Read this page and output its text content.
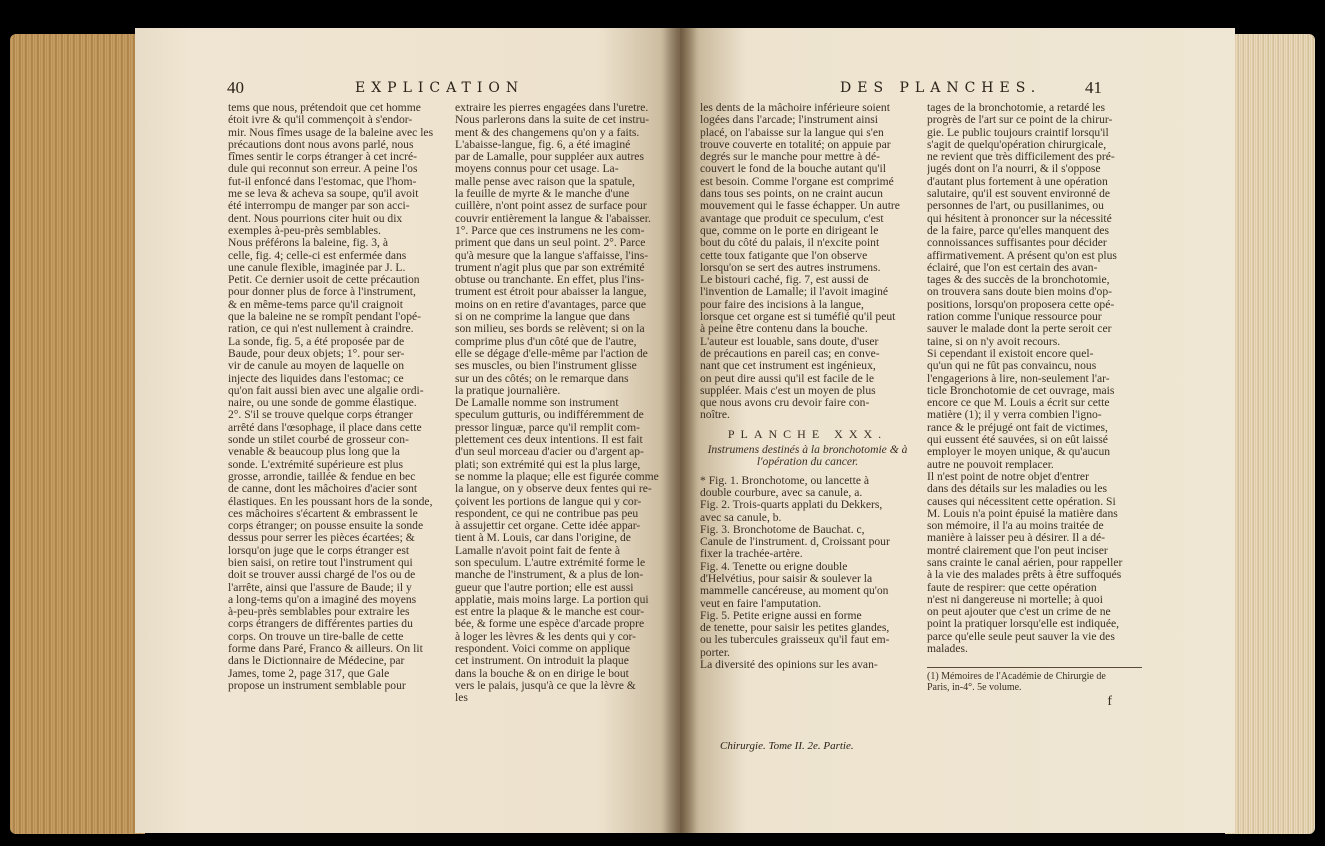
40	EXPLICATION
tems que nous, prétendoit que cet homme
étoit ivre & qu'il commençoit à s'endor-
mir. Nous fîmes usage de la baleine avec les
précautions dont nous avons parlé, nous
fîmes sentir le corps étranger à cet incré-
dule qui reconnut son erreur. A peine l'os
fut-il enfoncé dans l'estomac, que l'hom-
me se leva & acheva sa soupe, qu'il avoit
été interrompu de manger par son acci-
dent. Nous pourrions citer huit ou dix
exemples à-peu-près semblables.
Nous préférons la baleine, fig. 3, à
celle, fig. 4; celle-ci est enfermée dans
une canule flexible, imaginée par J. L.
Petit. Ce dernier usoit de cette précaution
pour donner plus de force à l'instrument,
& en même-tems parce qu'il craignoit
que la baleine ne se rompît pendant l'opé-
ration, ce qui n'est nullement à craindre.
La sonde, fig. 5, a été proposée par de
Baude, pour deux objets; 1°. pour ser-
vir de canule au moyen de laquelle on
injecte des liquides dans l'estomac; ce
qu'on fait aussi bien avec une algalie ordi-
naire, ou une sonde de gomme élastique.
2°. S'il se trouve quelque corps étranger
arrêté dans l'œsophage, il place dans cette
sonde un stilet courbé de grosseur con-
venable & beaucoup plus long que la
sonde. L'extrémité supérieure est plus
grosse, arrondie, taillée & fendue en bec
de canne, dont les mâchoires d'acier sont
élastiques. En les poussant hors de la sonde,
ces mâchoires s'écartent & embrassent le
corps étranger; on pousse ensuite la sonde
dessus pour serrer les pièces écartées; &
lorsqu'on juge que le corps étranger est
bien saisi, on retire tout l'instrument qui
doit se trouver aussi chargé de l'os ou de
l'arrête, ainsi que l'assure de Baude; il y
a long-tems qu'on a imaginé des moyens
à-peu-près semblables pour extraire les
corps étrangers de différentes parties du
corps. On trouve un tire-balle de cette
forme dans Paré, Franco & ailleurs. On lit
dans le Dictionnaire de Médecine, par
James, tome 2, page 317, que Gale
propose un instrument semblable pour
extraire les pierres engagées dans l'uretre.
Nous parlerons dans la suite de cet instru-
ment & des changemens qu'on y a faits.
L'abaisse-langue, fig. 6, a été imaginé
par de Lamalle, pour suppléer aux autres
moyens connus pour cet usage. La-
malle pense avec raison que la spatule,
la feuille de myrte & le manche d'une
cuillère, n'ont point assez de surface pour
couvrir entièrement la langue & l'abaisser.
1°. Parce que ces instrumens ne les com-
priment que dans un seul point. 2°. Parce
qu'à mesure que la langue s'affaisse, l'ins-
trument n'agit plus que par son extrémité
obtuse ou tranchante. En effet, plus l'ins-
trument est étroit pour abaisser la langue,
moins on en retire d'avantages, parce que
si on ne comprime la langue que dans
son milieu, ses bords se relèvent; si on la
comprime plus d'un côté que de l'autre,
elle se dégage d'elle-même par l'action de
ses muscles, ou bien l'instrument glisse
sur un des côtés; on le remarque dans
la pratique journalière.
De Lamalle nomme son instrument
speculum gutturis, ou indifféremment de
pressor linguæ, parce qu'il remplit com-
plettement ces deux intentions. Il est fait
d'un seul morceau d'acier ou d'argent ap-
plati; son extrémité qui est la plus large,
se nomme la plaque; elle est figurée comme
la langue, on y observe deux fentes qui re-
çoivent les portions de langue qui y cor-
respondent, ce qui ne contribue pas peu
à assujettir cet organe. Cette idée appar-
tient à M. Louis, car dans l'origine, de
Lamalle n'avoit point fait de fente à
son speculum. L'autre extrémité forme le
manche de l'instrument, & a plus de lon-
gueur que l'autre portion; elle est aussi
applatie, mais moins large. La portion qui
est entre la plaque & le manche est cour-
bée, & forme une espèce d'arcade propre
à loger les lèvres & les dents qui y cor-
respondent. Voici comme on applique
cet instrument. On introduit la plaque
dans la bouche & on en dirige le bout
vers le palais, jusqu'à ce que la lèvre &
les
DES PLANCHES.	41
les dents de la mâchoire inférieure soient
logées dans l'arcade; l'instrument ainsi
placé, on l'abaisse sur la langue qui s'en
trouve couverte en totalité; on appuie par
degrés sur le manche pour mettre à dé-
couvert le fond de la bouche autant qu'il
est besoin. Comme l'organe est comprimé
dans tous ses points, on ne craint aucun
mouvement qui le fasse échapper. Un autre
avantage que produit ce speculum, c'est
que, comme on le porte en dirigeant le
bout du côté du palais, il n'excite point
cette toux fatigante que l'on observe
lorsqu'on se sert des autres instrumens.
Le bistouri caché, fig. 7, est aussi de
l'invention de Lamalle; il l'avoit imaginé
pour faire des incisions à la langue,
lorsque cet organe est si tuméfié qu'il peut
à peine être contenu dans la bouche.
L'auteur est louable, sans doute, d'user
de précautions en pareil cas; en conve-
nant que cet instrument est ingénieux,
on peut dire aussi qu'il est facile de le
suppléer. Mais c'est un moyen de plus
que nous avons cru devoir faire con-
noître.
PLANCHE XXX.
Instrumens destinés à la bronchotomie & à
l'opération du cancer.
* Fig. 1. Bronchotome, ou lancette à
double courbure, avec sa canule, a.
Fig. 2. Trois-quarts applati du Dekkers,
avec sa canule, b.
Fig. 3. Bronchotome de Bauchat. c,
Canule de l'instrument. d, Croissant pour
fixer la trachée-artère.
Fig. 4. Tenette ou erigne double
d'Helvétius, pour saisir & soulever la
mammelle cancéreuse, au moment qu'on
veut en faire l'amputation.
Fig. 5. Petite erigne aussi en forme
de tenette, pour saisir les petites glandes,
ou les tubercules graisseux qu'il faut em-
porter.
La diversité des opinions sur les avan-
Chirurgie. Tome II. 2e. Partie.
tages de la bronchotomie, a retardé les
progrès de l'art sur ce point de la chirur-
gie. Le public toujours craintif lorsqu'il
s'agit de quelqu'opération chirurgicale,
ne revient que très difficilement des pré-
jugés dont on l'a nourri, & il s'oppose
d'autant plus fortement à une opération
salutaire, qu'il est souvent environné de
personnes de l'art, ou pusillanimes, ou
qui hésitent à prononcer sur la nécessité
de la faire, parce qu'elles manquent des
connoissances suffisantes pour décider
affirmativement. A présent qu'on est plus
éclairé, que l'on est certain des avan-
tages & des succès de la bronchotomie,
on trouvera sans doute bien moins d'op-
positions, lorsqu'on proposera cette opé-
ration comme l'unique ressource pour
sauver le malade dont la perte seroit cer
taine, si on n'y avoit recours.
Si cependant il existoit encore quel-
qu'un qui ne fût pas convaincu, nous
l'engagerions à lire, non-seulement l'ar-
ticle Bronchotomie de cet ouvrage, mais
encore ce que M. Louis a écrit sur cette
matière (1); il y verra combien l'igno-
rance & le préjugé ont fait de victimes,
qui eussent été sauvées, si on eût laissé
employer le moyen unique, & qu'aucun
autre ne pouvoit remplacer.
Il n'est point de notre objet d'entrer
dans des détails sur les maladies ou les
causes qui nécessitent cette opération. Si
M. Louis n'a point épuisé la matière dans
son mémoire, il l'a au moins traitée de
manière à laisser peu à désirer. Il a dé-
montré clairement que l'on peut inciser
sans crainte le canal aérien, pour rappeller
à la vie des malades prêts à être suffoqués
faute de respirer: que cette opération
n'est ni dangereuse ni mortelle; à quoi
on peut ajouter que c'est un crime de ne
point la pratiquer lorsqu'elle est indiquée,
parce qu'elle seule peut sauver la vie des
malades.
(1) Mémoires de l'Académie de Chirurgie de
Paris, in-4°. 5e volume.
f
